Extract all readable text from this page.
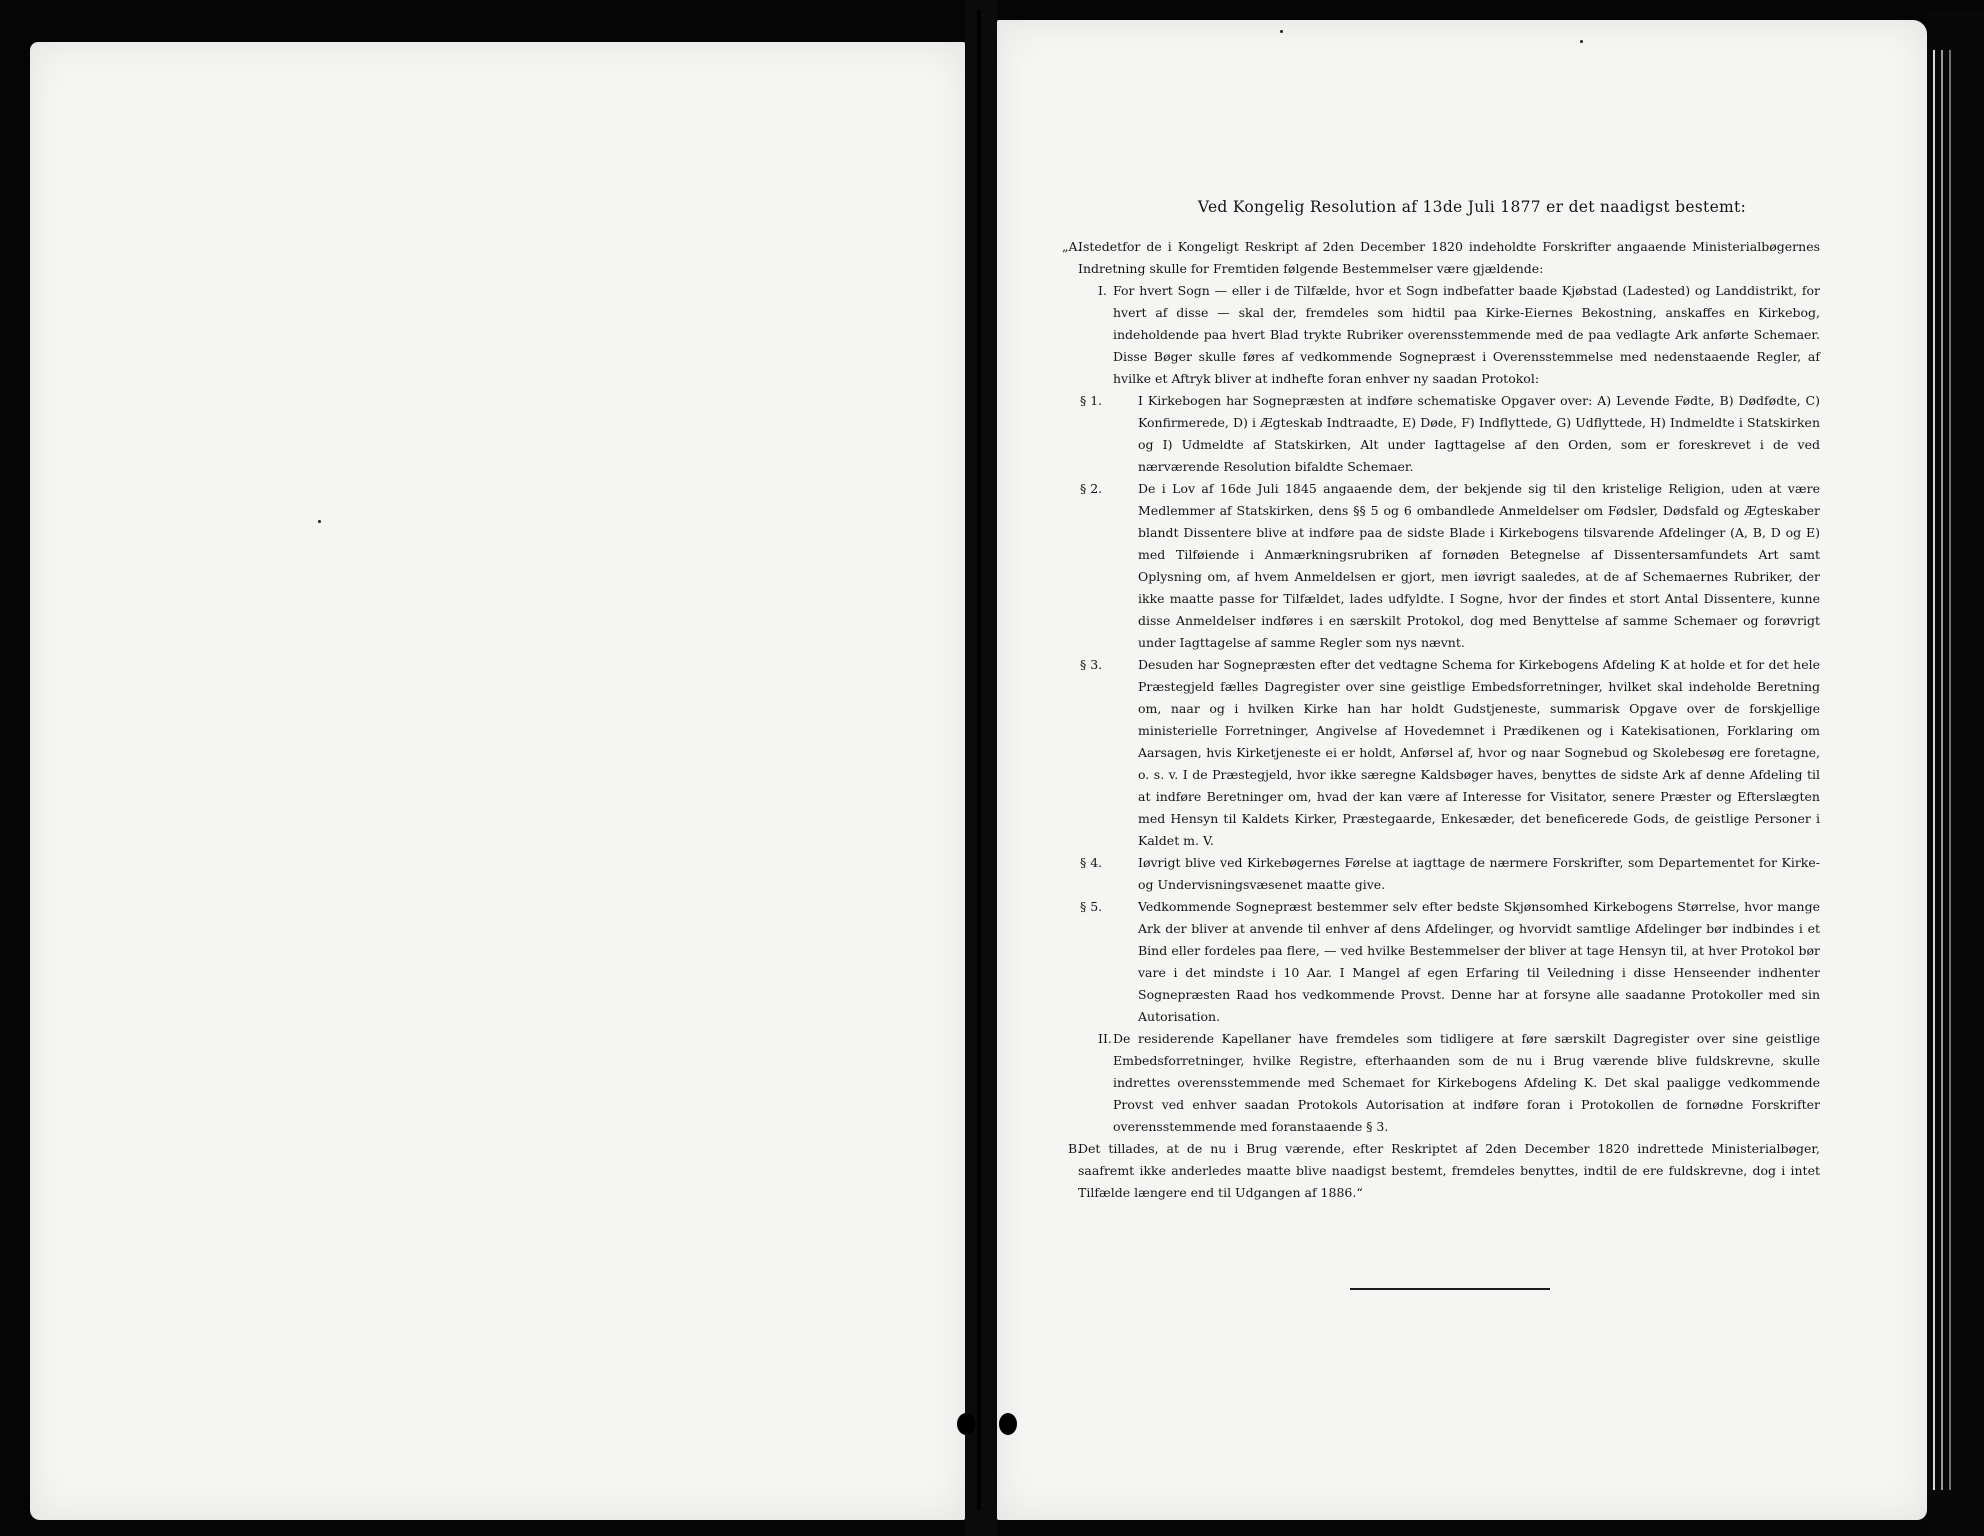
Ved Kongelig Resolution af 13de Juli 1877 er det naadigst bestemt:
„A.
Istedetfor de i Kongeligt Reskript af 2den December 1820 indeholdte Forskrifter angaaende Ministerialbøgernes Indretning skulle for Fremtiden følgende Bestemmelser være gjældende:
I. For hvert Sogn — eller i de Tilfælde, hvor et Sogn indbefatter baade Kjøbstad (Ladested) og Landdistrikt, for hvert af disse — skal der, fremdeles som hidtil paa Kirke-Eiernes Bekostning, anskaffes en Kirkebog, indeholdende paa hvert Blad trykte Rubriker overensstemmende med de paa vedlagte Ark anførte Schemaer. Disse Bøger skulle føres af vedkommende Sognepræst i Overensstemmelse med nedenstaaende Regler, af hvilke et Aftryk bliver at indhefte foran enhver ny saadan Protokol:
§ 1.	I Kirkebogen har Sognepræsten at indføre schematiske Opgaver over: A) Levende Fødte, B) Dødfødte, C) Konfirmerede, D) i Ægteskab Indtraadte, E) Døde, F) Indflyttede, G) Udflyttede, H) Indmeldte i Statskirken og I) Udmeldte af Statskirken, Alt under Iagttagelse af den Orden, som er foreskrevet i de ved nærværende Resolution bifaldte Schemaer.
§ 2.	De i Lov af 16de Juli 1845 angaaende dem, der bekjende sig til den kristelige Religion, uden at være Medlemmer af Statskirken, dens §§ 5 og 6 ombandlede Anmeldelser om Fødsler, Dødsfald og Ægteskaber blandt Dissentere blive at indføre paa de sidste Blade i Kirkebogens tilsvarende Afdelinger (A, B, D og E) med Tilføiende i Anmærkningsrubriken af fornøden Betegnelse af Dissentersamfundets Art samt Oplysning om, af hvem Anmeldelsen er gjort, men iøvrigt saaledes, at de af Schemaernes Rubriker, der ikke maatte passe for Tilfældet, lades udfyldte. I Sogne, hvor der findes et stort Antal Dissentere, kunne disse Anmeldelser indføres i en særskilt Protokol, dog med Benyttelse af samme Schemaer og forøvrigt under Iagttagelse af samme Regler som nys nævnt.
§ 3.	Desuden har Sognepræsten efter det vedtagne Schema for Kirkebogens Afdeling K at holde et for det hele Præstegjeld fælles Dagregister over sine geistlige Embedsforretninger, hvilket skal indeholde Beretning om, naar og i hvilken Kirke han har holdt Gudstjeneste, summarisk Opgave over de forskjellige ministerielle Forretninger, Angivelse af Hovedemnet i Prædikenen og i Katekisationen, Forklaring om Aarsagen, hvis Kirketjeneste ei er holdt, Anførsel af, hvor og naar Sognebud og Skolebesøg ere foretagne, o. s. v. I de Præstegjeld, hvor ikke særegne Kaldsbøger haves, benyttes de sidste Ark af denne Afdeling til at indføre Beretninger om, hvad der kan være af Interesse for Visitator, senere Præster og Efterslægten med Hensyn til Kaldets Kirker, Præstegaarde, Enkesæder, det beneficerede Gods, de geistlige Personer i Kaldet m. V.
§ 4.	Iøvrigt blive ved Kirkebøgernes Førelse at iagttage de nærmere Forskrifter, som Departementet for Kirke- og Undervisningsvæsenet maatte give.
§ 5.	Vedkommende Sognepræst bestemmer selv efter bedste Skjønsomhed Kirkebogens Størrelse, hvor mange Ark der bliver at anvende til enhver af dens Afdelinger, og hvorvidt samtlige Afdelinger bør indbindes i et Bind eller fordeles paa flere, — ved hvilke Bestemmelser der bliver at tage Hensyn til, at hver Protokol bør vare i det mindste i 10 Aar. I Mangel af egen Erfaring til Veiledning i disse Henseender indhenter Sognepræsten Raad hos vedkommende Provst. Denne har at forsyne alle saadanne Protokoller med sin Autorisation.
II. De residerende Kapellaner have fremdeles som tidligere at føre særskilt Dagregister over sine geistlige Embedsforretninger, hvilke Registre, efterhaanden som de nu i Brug værende blive fuldskrevne, skulle indrettes overensstemmende med Schemaet for Kirkebogens Afdeling K. Det skal paaligge vedkommende Provst ved enhver saadan Protokols Autorisation at indføre foran i Protokollen de fornødne Forskrifter overensstemmende med foranstaaende § 3.
B.
Det tillades, at de nu i Brug værende, efter Reskriptet af 2den December 1820 indrettede Ministerialbøger, saafremt ikke anderledes maatte blive naadigst bestemt, fremdeles benyttes, indtil de ere fuldskrevne, dog i intet Tilfælde længere end til Udgangen af 1886.“
